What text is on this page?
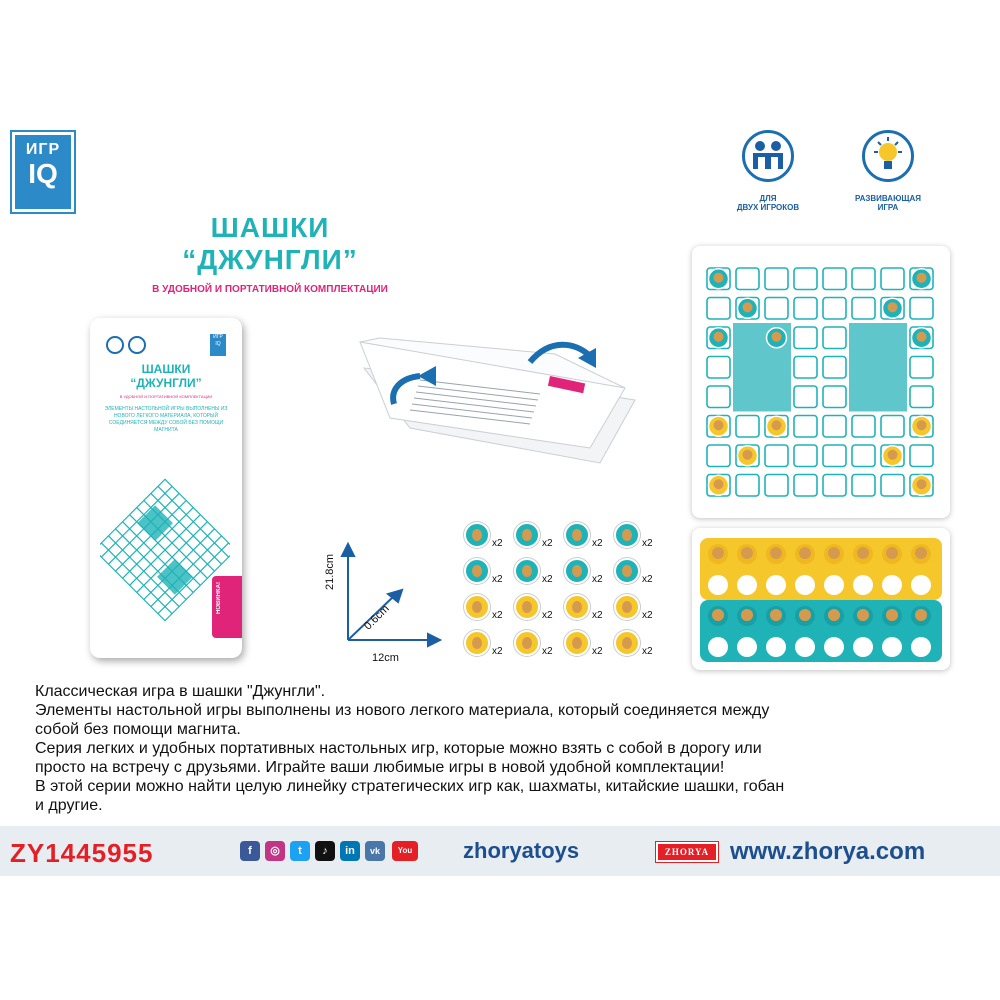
ИГР
IQ
ШАШКИ
“ДЖУНГЛИ”
В УДОБНОЙ И ПОРТАТИВНОЙ КОМПЛЕКТАЦИИ
ИГР IQ
ШАШКИ
“ДЖУНГЛИ”
В УДОБНОЙ И ПОРТАТИВНОЙ КОМПЛЕКТАЦИИ
ЭЛЕМЕНТЫ НАСТОЛЬНОЙ ИГРЫ ВЫПОЛНЕНЫ ИЗ НОВОГО ЛЕГКОГО МАТЕРИАЛА, КОТОРЫЙ СОЕДИНЯЕТСЯ МЕЖДУ СОБОЙ БЕЗ ПОМОЩИ МАГНИТА
НОВИНКА!
ДЛЯ
ДВУХ ИГРОКОВ
РАЗВИВАЮЩАЯ
ИГРА
21.8cm
0.6cm
12cm
x2	x2	x2	x2
x2	x2	x2	x2
x2	x2	x2	x2
x2	x2	x2	x2

Классическая игра в шашки "Джунгли".

Элементы настольной игры выполнены из нового легкого материала, который соединяется между

собой без помощи магнита.

Серия легких и удобных портативных настольных игр, которые можно взять с собой в дорогу или

просто на встречу с друзьями. Играйте ваши любимые игры в новой удобной комплектации!

В этой серии можно найти целую линейку стратегических игр как, шахматы, китайские шашки, гобан

и другие.

ZY1445955	f	◎	t	♪	in	vk	You zhoryatoys	ZHORYA www.zhorya.com
